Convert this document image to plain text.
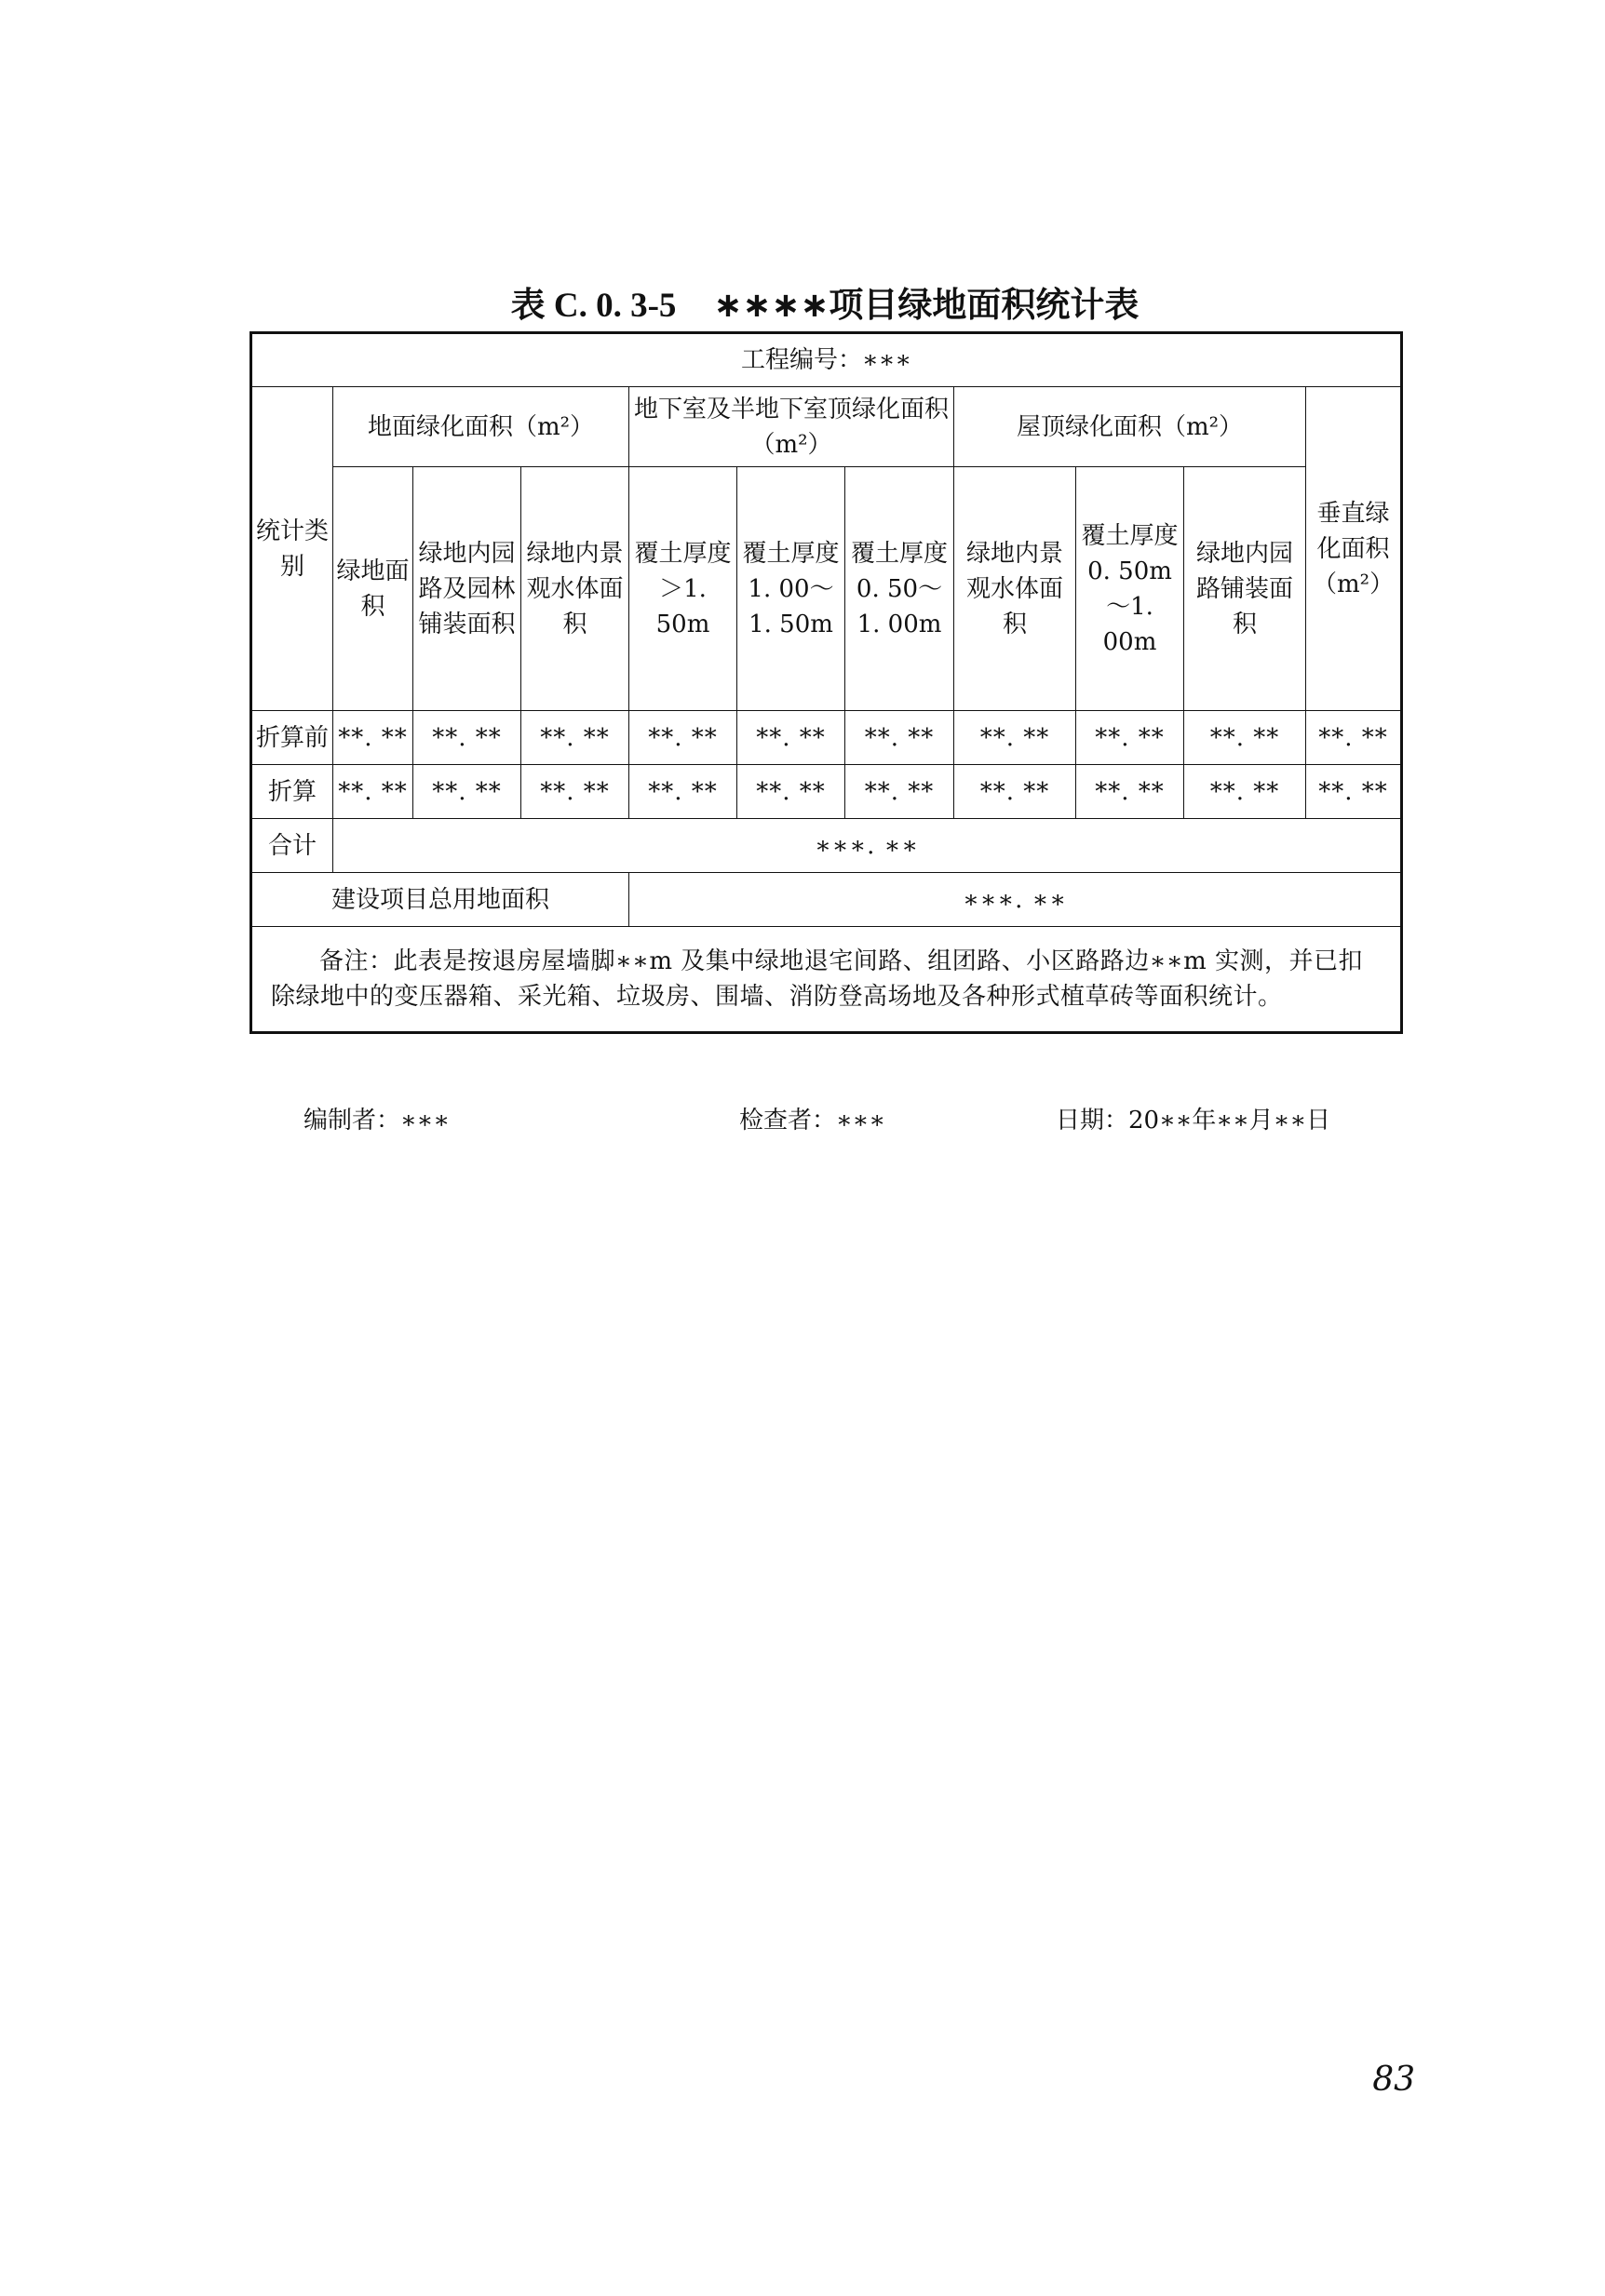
表 C. 0. 3-5 ∗∗∗∗项目绿地面积统计表
工程编号：∗∗∗										
统计类别	地面绿化面积（m²）			地下室及半地下室顶绿化面积（m²）			屋顶绿化面积（m²）			垂直绿化面积（m²）
	绿地面积	绿地内园路及园林铺装面积	绿地内景观水体面积	覆土厚度＞1. 50m	覆土厚度1. 00～1. 50m	覆土厚度0. 50～1. 00m	绿地内景观水体面积	覆土厚度0. 50m～1. 00m	绿地内园路铺装面积	
折算前	**. **	**. **	**. **	**. **	**. **	**. **	**. **	**. **	**. **	**. **
折算	**. **	**. **	**. **	**. **	**. **	**. **	**. **	**. **	**. **	**. **
合计	∗∗∗. ∗∗									
建设项目总用地面积				∗∗∗. ∗∗						
备注：此表是按退房屋墙脚∗∗m 及集中绿地退宅间路、组团路、小区路路边∗∗m 实测，并已扣除绿地中的变压器箱、采光箱、垃圾房、围墙、消防登高场地及各种形式植草砖等面积统计。										
编制者：∗∗∗	检查者：∗∗∗	日期：20∗∗年∗∗月∗∗日
83
